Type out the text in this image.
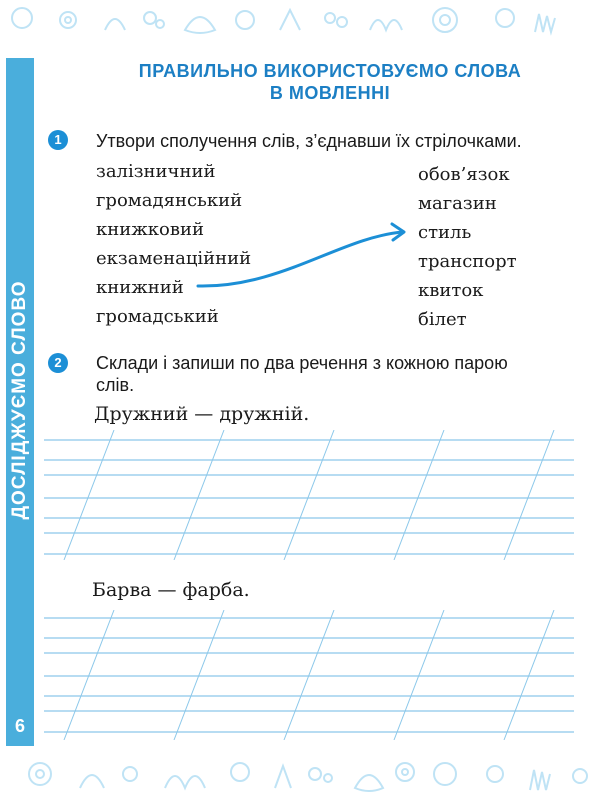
ДОСЛІДЖУЄМО СЛОВО
6
ПРАВИЛЬНО ВИКОРИСТОВУЄМО СЛОВА
В МОВЛЕННІ
1	Утвори сполучення слів, з’єднавши їх стрілочками.
залізничний
громадянський
книжковий
екзаменаційний
книжний
громадський
обов’язок
магазин
стиль
транспорт
квиток
білет
2	Склади і запиши по два речення з кожною парою
слів.
Дружний — дружній.
Барва — фарба.
